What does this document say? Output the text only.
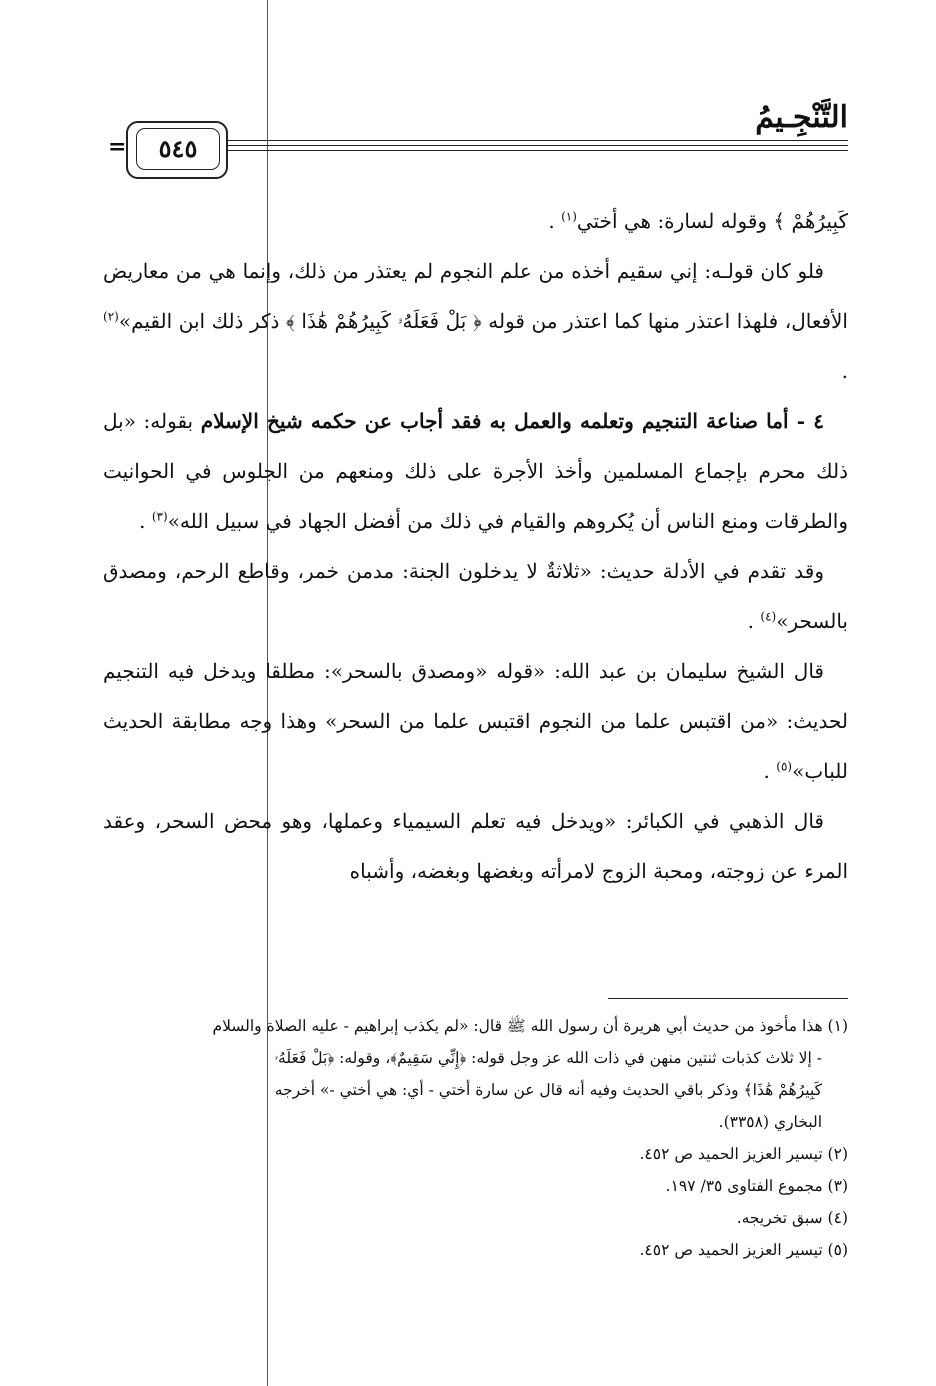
التَّنْجِـيمُ
=	٥٤٥

كَبِيرُهُمْ ﴾ وقوله لسارة: هي أختي$^{(١)}$ .

فلو كان قولـه: إني سقيم أخذه من علم النجوم لم يعتذر من ذلك، وإنما هي من معاريض الأفعال، فلهذا اعتذر منها كما اعتذر من قوله ﴿ بَلْ فَعَلَهُۥ كَبِيرُهُمْ هَٰذَا ﴾ ذكر ذلك ابن القيم»$^{(٢)}$ .

٤ - أما صناعة التنجيم وتعلمه والعمل به فقد أجاب عن حكمه شيخ الإسلام بقوله: «بل ذلك محرم بإجماع المسلمين وأخذ الأجرة على ذلك ومنعهم من الجلوس في الحوانيت والطرقات ومنع الناس أن يُكروهم والقيام في ذلك من أفضل الجهاد في سبيل الله»$^{(٣)}$ .

وقد تقدم في الأدلة حديث: «ثلاثةٌ لا يدخلون الجنة: مدمن خمر، وقاطع الرحم، ومصدق بالسحر»$^{(٤)}$ .

قال الشيخ سليمان بن عبد الله: «قوله «ومصدق بالسحر»: مطلقا ويدخل فيه التنجيم لحديث: «من اقتبس علما من النجوم اقتبس علما من السحر» وهذا وجه مطابقة الحديث للباب»$^{(٥)}$ .

قال الذهبي في الكبائر: «ويدخل فيه تعلم السيمياء وعملها، وهو محض السحر، وعقد المرء عن زوجته، ومحبة الزوج لامرأته وبغضها وبغضه، وأشباه

(١) هذا مأخوذ من حديث أبي هريرة أن رسول الله ﷺ قال: «لم يكذب إبراهيم - عليه الصلاة والسلام

- إلا ثلاث كذبات ثنتين منهن في ذات الله عز وجل قوله: ﴿إِنِّي سَقِيمٌ﴾، وقوله: ﴿بَلْ فَعَلَهُۥ

كَبِيرُهُمْ هَٰذَا﴾ وذكر باقي الحديث وفيه أنه قال عن سارة أختي - أي: هي أختي -» أخرجه

البخاري (٣٣٥٨).

(٢) تيسير العزيز الحميد ص ٤٥٢.

(٣) مجموع الفتاوى ٣٥/ ١٩٧.

(٤) سبق تخريجه.

(٥) تيسير العزيز الحميد ص ٤٥٢.
